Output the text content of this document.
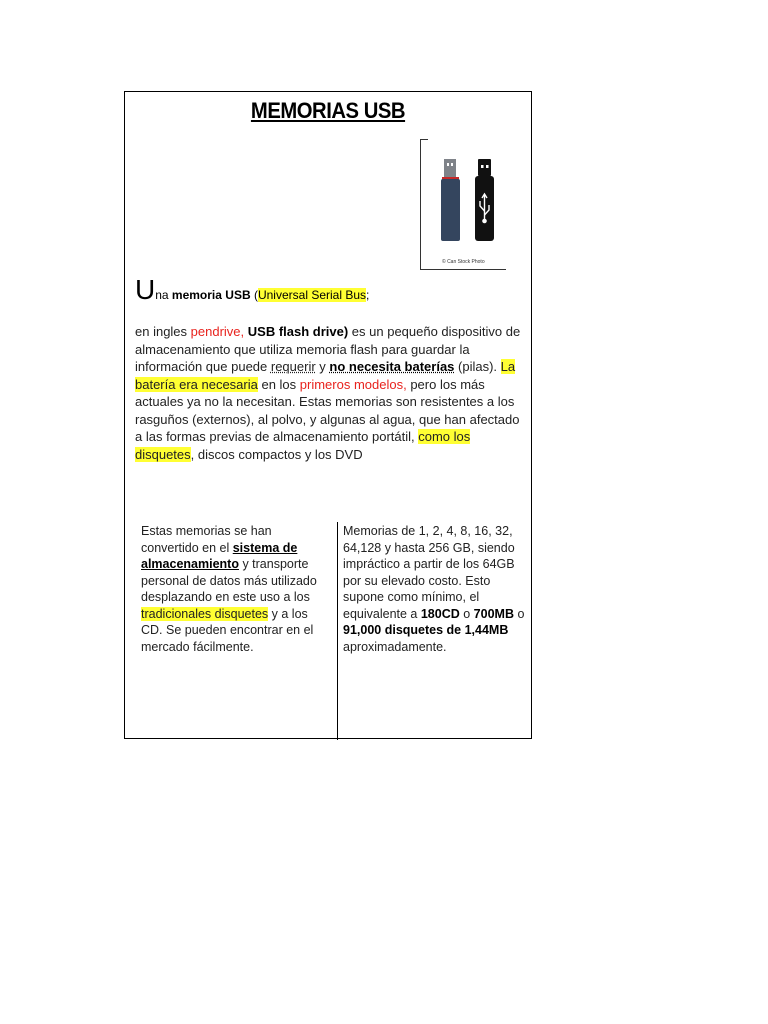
MEMORIAS USB
© Can Stock Photo
Una memoria USB (Universal Serial Bus;
en ingles pendrive, USB flash drive) es un pequeño dispositivo de almacenamiento que utiliza memoria flash para guardar la información que puede requerir y no necesita baterías (pilas). La batería era necesaria en los primeros modelos, pero los más actuales ya no la necesitan. Estas memorias son resistentes a los rasguños (externos), al polvo, y algunas al agua, que han afectado a las formas previas de almacenamiento portátil, como los disquetes, discos compactos y los DVD
Estas memorias se han convertido en el sistema de almacenamiento y transporte personal de datos más utilizado desplazando en este uso a los tradicionales disquetes y a los CD. Se pueden encontrar en el mercado fácilmente.
Memorias de 1, 2, 4, 8, 16, 32, 64,128 y hasta 256 GB, siendo impráctico a partir de los 64GB por su elevado costo. Esto supone como mínimo, el equivalente a 180CD o 700MB o 91,000 disquetes de 1,44MB aproximadamente.
